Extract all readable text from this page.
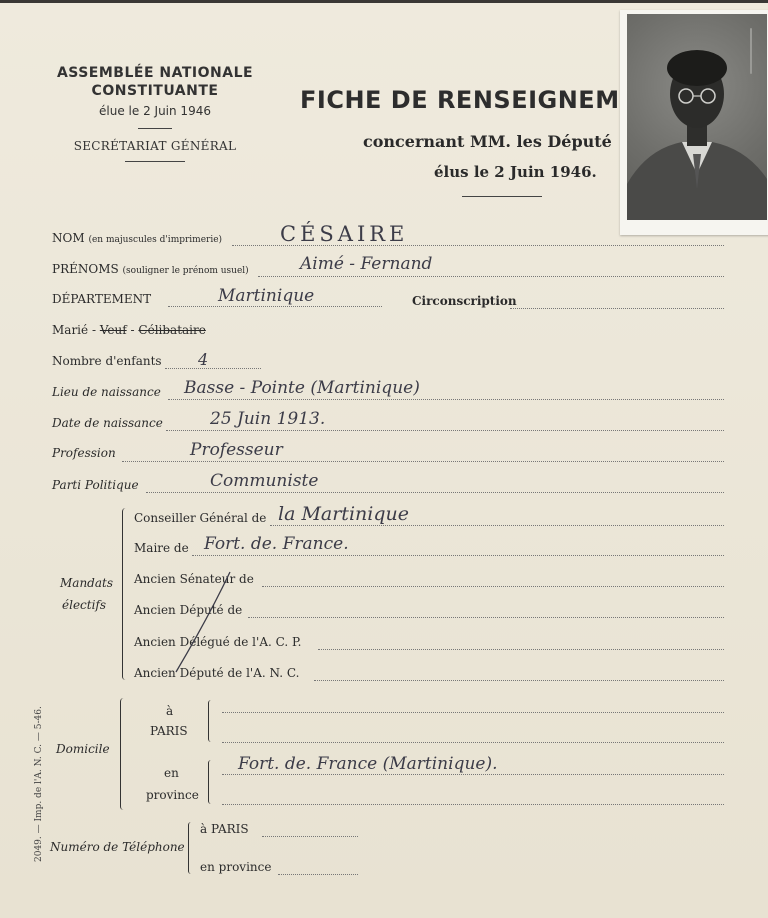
ASSEMBLÉE NATIONALE
CONSTITUANTE
élue le 2 Juin 1946
SECRÉTARIAT GÉNÉRAL
FICHE DE RENSEIGNEM
concernant MM. les Député
élus le 2 Juin 1946.
NOM (en majuscules d'imprimerie)	CÉSAIRE
PRÉNOMS (souligner le prénom usuel)	Aimé - Fernand
DÉPARTEMENT	Martinique	Circonscription
Marié - Veuf - Célibataire
Nombre d'enfants 4
Lieu de naissance Basse - Pointe (Martinique)
Date de naissance	25 Juin 1913.
Profession	Professeur
Parti Politique	Communiste
Mandats
électifs
Conseiller Général de la Martinique
Maire de Fort. de. France.
Ancien Sénateur de
Ancien Député de
Ancien Délégué de l'A. C. P.
Ancien Député de l'A. N. C.
Domicile
à
PARIS
en
province
Fort. de. France (Martinique).
Numéro de Téléphone
à PARIS
en province
2049. — Imp. de l'A. N. C. — 5-46.
